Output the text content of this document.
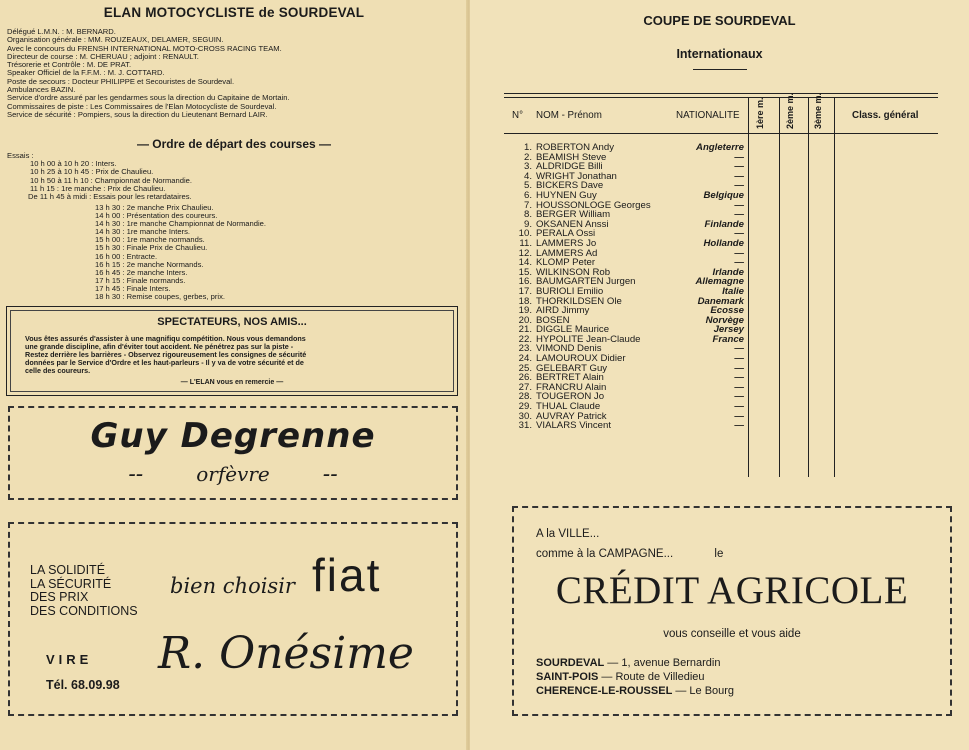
ELAN MOTOCYCLISTE de SOURDEVAL
Délégué L.M.N. : M. BERNARD.
Organisation générale : MM. ROUZEAUX, DELAMER, SEGUIN.
Avec le concours du FRENSH INTERNATIONAL MOTO-CROSS RACING TEAM.
Directeur de course : M. CHERUAU ; adjoint : RENAULT.
Trésorerie et Contrôle : M. DE PRAT.
Speaker Officiel de la F.F.M. : M. J. COTTARD.
Poste de secours : Docteur PHILIPPE et Secouristes de Sourdeval.
Ambulances BAZIN.
Service d'ordre assuré par les gendarmes sous la direction du Capitaine de Mortain.
Commissaires de piste : Les Commissaires de l'Elan Motocycliste de Sourdeval.
Service de sécurité : Pompiers, sous la direction du Lieutenant Bernard LAIR.
— Ordre de départ des courses —
Essais :
10 h 00 à 10 h 20 : Inters.
10 h 25 à 10 h 45 : Prix de Chaulieu.
10 h 50 à 11 h 10 : Championnat de Normandie.
11 h 15 : 1re manche : Prix de Chaulieu.
De 11 h 45 à midi : Essais pour les retardataires.
13 h 30 : 2e manche Prix Chaulieu.
14 h 00 : Présentation des coureurs.
14 h 30 : 1re manche Championnat de Normandie.
14 h 30 : 1re manche Inters.
15 h 00 : 1re manche normands.
15 h 30 : Finale Prix de Chaulieu.
16 h 00 : Entracte.
16 h 15 : 2e manche Normands.
16 h 45 : 2e manche Inters.
17 h 15 : Finale normands.
17 h 45 : Finale Inters.
18 h 30 : Remise coupes, gerbes, prix.
SPECTATEURS, NOS AMIS...
Vous êtes assurés d'assister à une magnifiqu compétition. Nous vous demandons
une grande discipline, afin d'éviter tout accident. Ne pénétrez pas sur la piste -
Restez derrière les barrières - Observez rigoureusement les consignes de sécurité
données par le Service d'Ordre et les haut-parleurs - Il y va de votre sécurité et de
celle des coureurs.
— L'ELAN vous en remercie —
Guy Degrenne
--	orfèvre --
LA SOLIDITÉ
LA SÉCURITÉ
DES PRIX
DES CONDITIONS
bien choisir fiat
VIRE
Tél. 68.09.98
R. Onésime
COUPE DE SOURDEVAL
Internationaux
N° NOM - Prénom	NATIONALITE 1ère m. 2ème m. 3ème m.	Class. général
1.	ROBERTON Andy	Angleterre
2.	BEAMISH Steve	—
3.	ALDRIDGE Billi	—
4.	WRIGHT Jonathan	—
5.	BICKERS Dave	—
6.	HUYNEN Guy	Belgique
7.	HOUSSONLOGE Georges	—
8.	BERGER William	—
9.	OKSANEN Anssi	Finlande
10.	PERALA Ossi	—
11.	LAMMERS Jo	Hollande
12.	LAMMERS Ad	—
14.	KLOMP Peter	—
15.	WILKINSON Rob	Irlande
16.	BAUMGARTEN Jurgen	Allemagne
17.	BURIOLI Emilio	Italie
18.	THORKILDSEN Ole	Danemark
19.	AIRD Jimmy	Ecosse
20.	BOSEN	Norvège
21.	DIGGLE Maurice	Jersey
22.	HYPOLITE Jean-Claude	France
23.	VIMOND Denis	—
24.	LAMOUROUX Didier	—
25.	GELEBART Guy	—
26.	BERTRET Alain	—
27.	FRANCRU Alain	—
28.	TOUGERON Jo	—
29.	THUAL Claude	—
30.	AUVRAY Patrick	—
31.	VIALARS Vincent	—
A la VILLE...
comme à la CAMPAGNE...	le
CRÉDIT AGRICOLE
vous conseille et vous aide
SOURDEVAL — 1, avenue Bernardin
SAINT-POIS — Route de Villedieu
CHERENCE-LE-ROUSSEL — Le Bourg
